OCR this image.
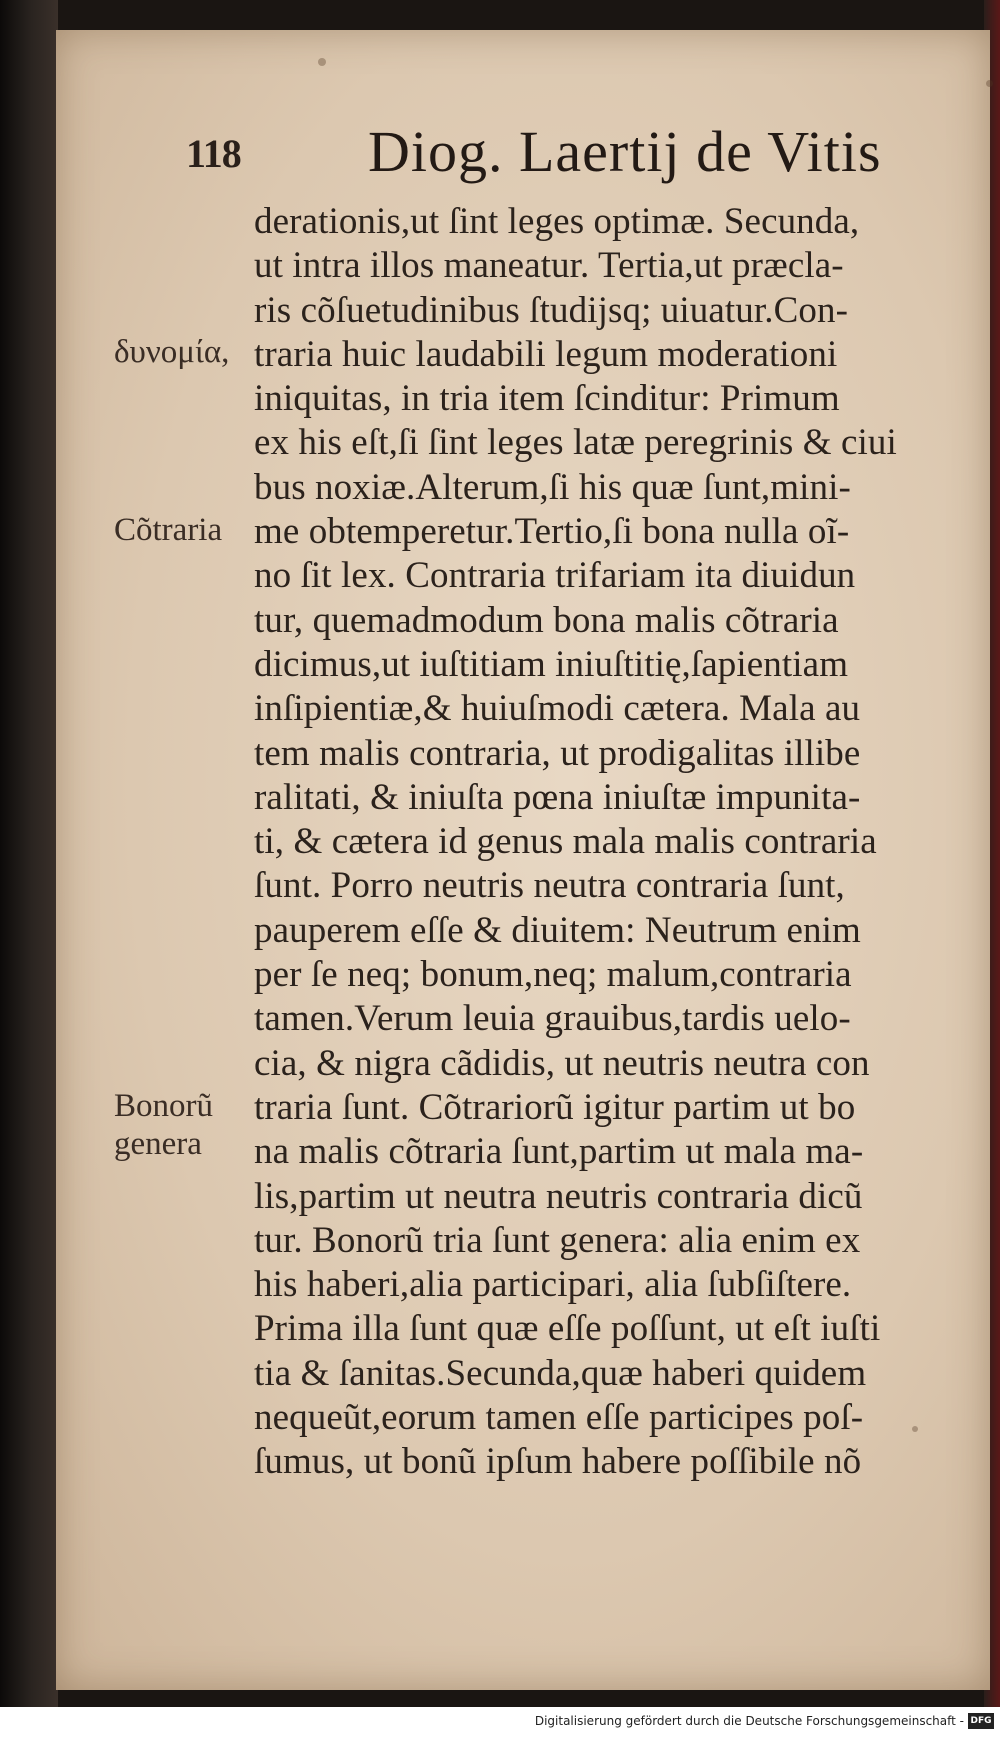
118 Diog. Laertij de Vitis
δυνομία,
Cõtraria
Bonorũ
genera
derationis,ut ſint leges optimæ. Secunda,
ut intra illos maneatur. Tertia,ut præcla-
ris cõſuetudinibus ſtudijsq; uiuatur.Con-
traria huic laudabili legum moderationi
iniquitas, in tria item ſcinditur: Primum
ex his eſt,ſi ſint leges latæ peregrinis & ciui
bus noxiæ.Alterum,ſi his quæ ſunt,mini-
me obtemperetur.Tertio,ſi bona nulla oĩ-
no ſit lex. Contraria trifariam ita diuidun
tur, quemadmodum bona malis cõtraria
dicimus,ut iuſtitiam iniuſtitię,ſapientiam
inſipientiæ,& huiuſmodi cætera. Mala au
tem malis contraria, ut prodigalitas illibe
ralitati, & iniuſta pœna iniuſtæ impunita-
ti, & cætera id genus mala malis contraria
ſunt. Porro neutris neutra contraria ſunt,
pauperem eſſe & diuitem: Neutrum enim
per ſe neq; bonum,neq; malum,contraria
tamen.Verum leuia grauibus,tardis uelo-
cia, & nigra cãdidis, ut neutris neutra con
traria ſunt. Cõtrariorũ igitur partim ut bo
na malis cõtraria ſunt,partim ut mala ma-
lis,partim ut neutra neutris contraria dicũ
tur. Bonorũ tria ſunt genera: alia enim ex
his haberi,alia participari, alia ſubſiſtere.
Prima illa ſunt quæ eſſe poſſunt, ut eſt iuſti
tia & ſanitas.Secunda,quæ haberi quidem
nequeũt,eorum tamen eſſe participes poſ-
ſumus, ut bonũ ipſum habere poſſibile nõ
Digitalisierung gefördert durch die Deutsche Forschungsgemeinschaft - DFG
